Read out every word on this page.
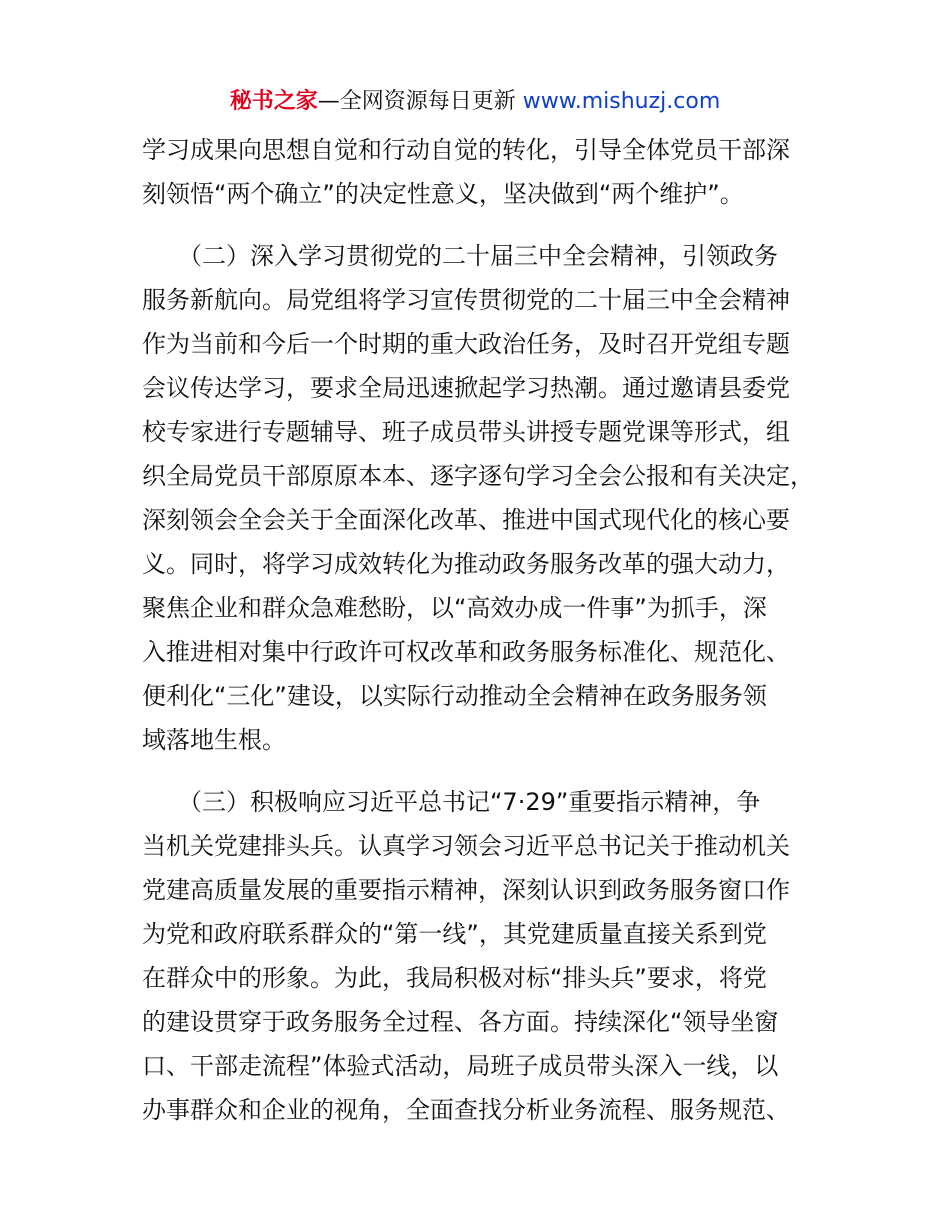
秘书之家—全网资源每日更新 www.mishuzj.com
学习成果向思想自觉和行动自觉的转化，引导全体党员干部深
刻领悟“两个确立”的决定性意义，坚决做到“两个维护”。
　　（二）深入学习贯彻党的二十届三中全会精神，引领政务
服务新航向。局党组将学习宣传贯彻党的二十届三中全会精神
作为当前和今后一个时期的重大政治任务，及时召开党组专题
会议传达学习，要求全局迅速掀起学习热潮。通过邀请县委党
校专家进行专题辅导、班子成员带头讲授专题党课等形式，组
织全局党员干部原原本本、逐字逐句学习全会公报和有关决定，
深刻领会全会关于全面深化改革、推进中国式现代化的核心要
义。同时，将学习成效转化为推动政务服务改革的强大动力，
聚焦企业和群众急难愁盼，以“高效办成一件事”为抓手，深
入推进相对集中行政许可权改革和政务服务标准化、规范化、
便利化“三化”建设，以实际行动推动全会精神在政务服务领
域落地生根。
　　（三）积极响应习近平总书记“7·29”重要指示精神，争
当机关党建排头兵。认真学习领会习近平总书记关于推动机关
党建高质量发展的重要指示精神，深刻认识到政务服务窗口作
为党和政府联系群众的“第一线”，其党建质量直接关系到党
在群众中的形象。为此，我局积极对标“排头兵”要求，将党
的建设贯穿于政务服务全过程、各方面。持续深化“领导坐窗
口、干部走流程”体验式活动，局班子成员带头深入一线，以
办事群众和企业的视角，全面查找分析业务流程、服务规范、
